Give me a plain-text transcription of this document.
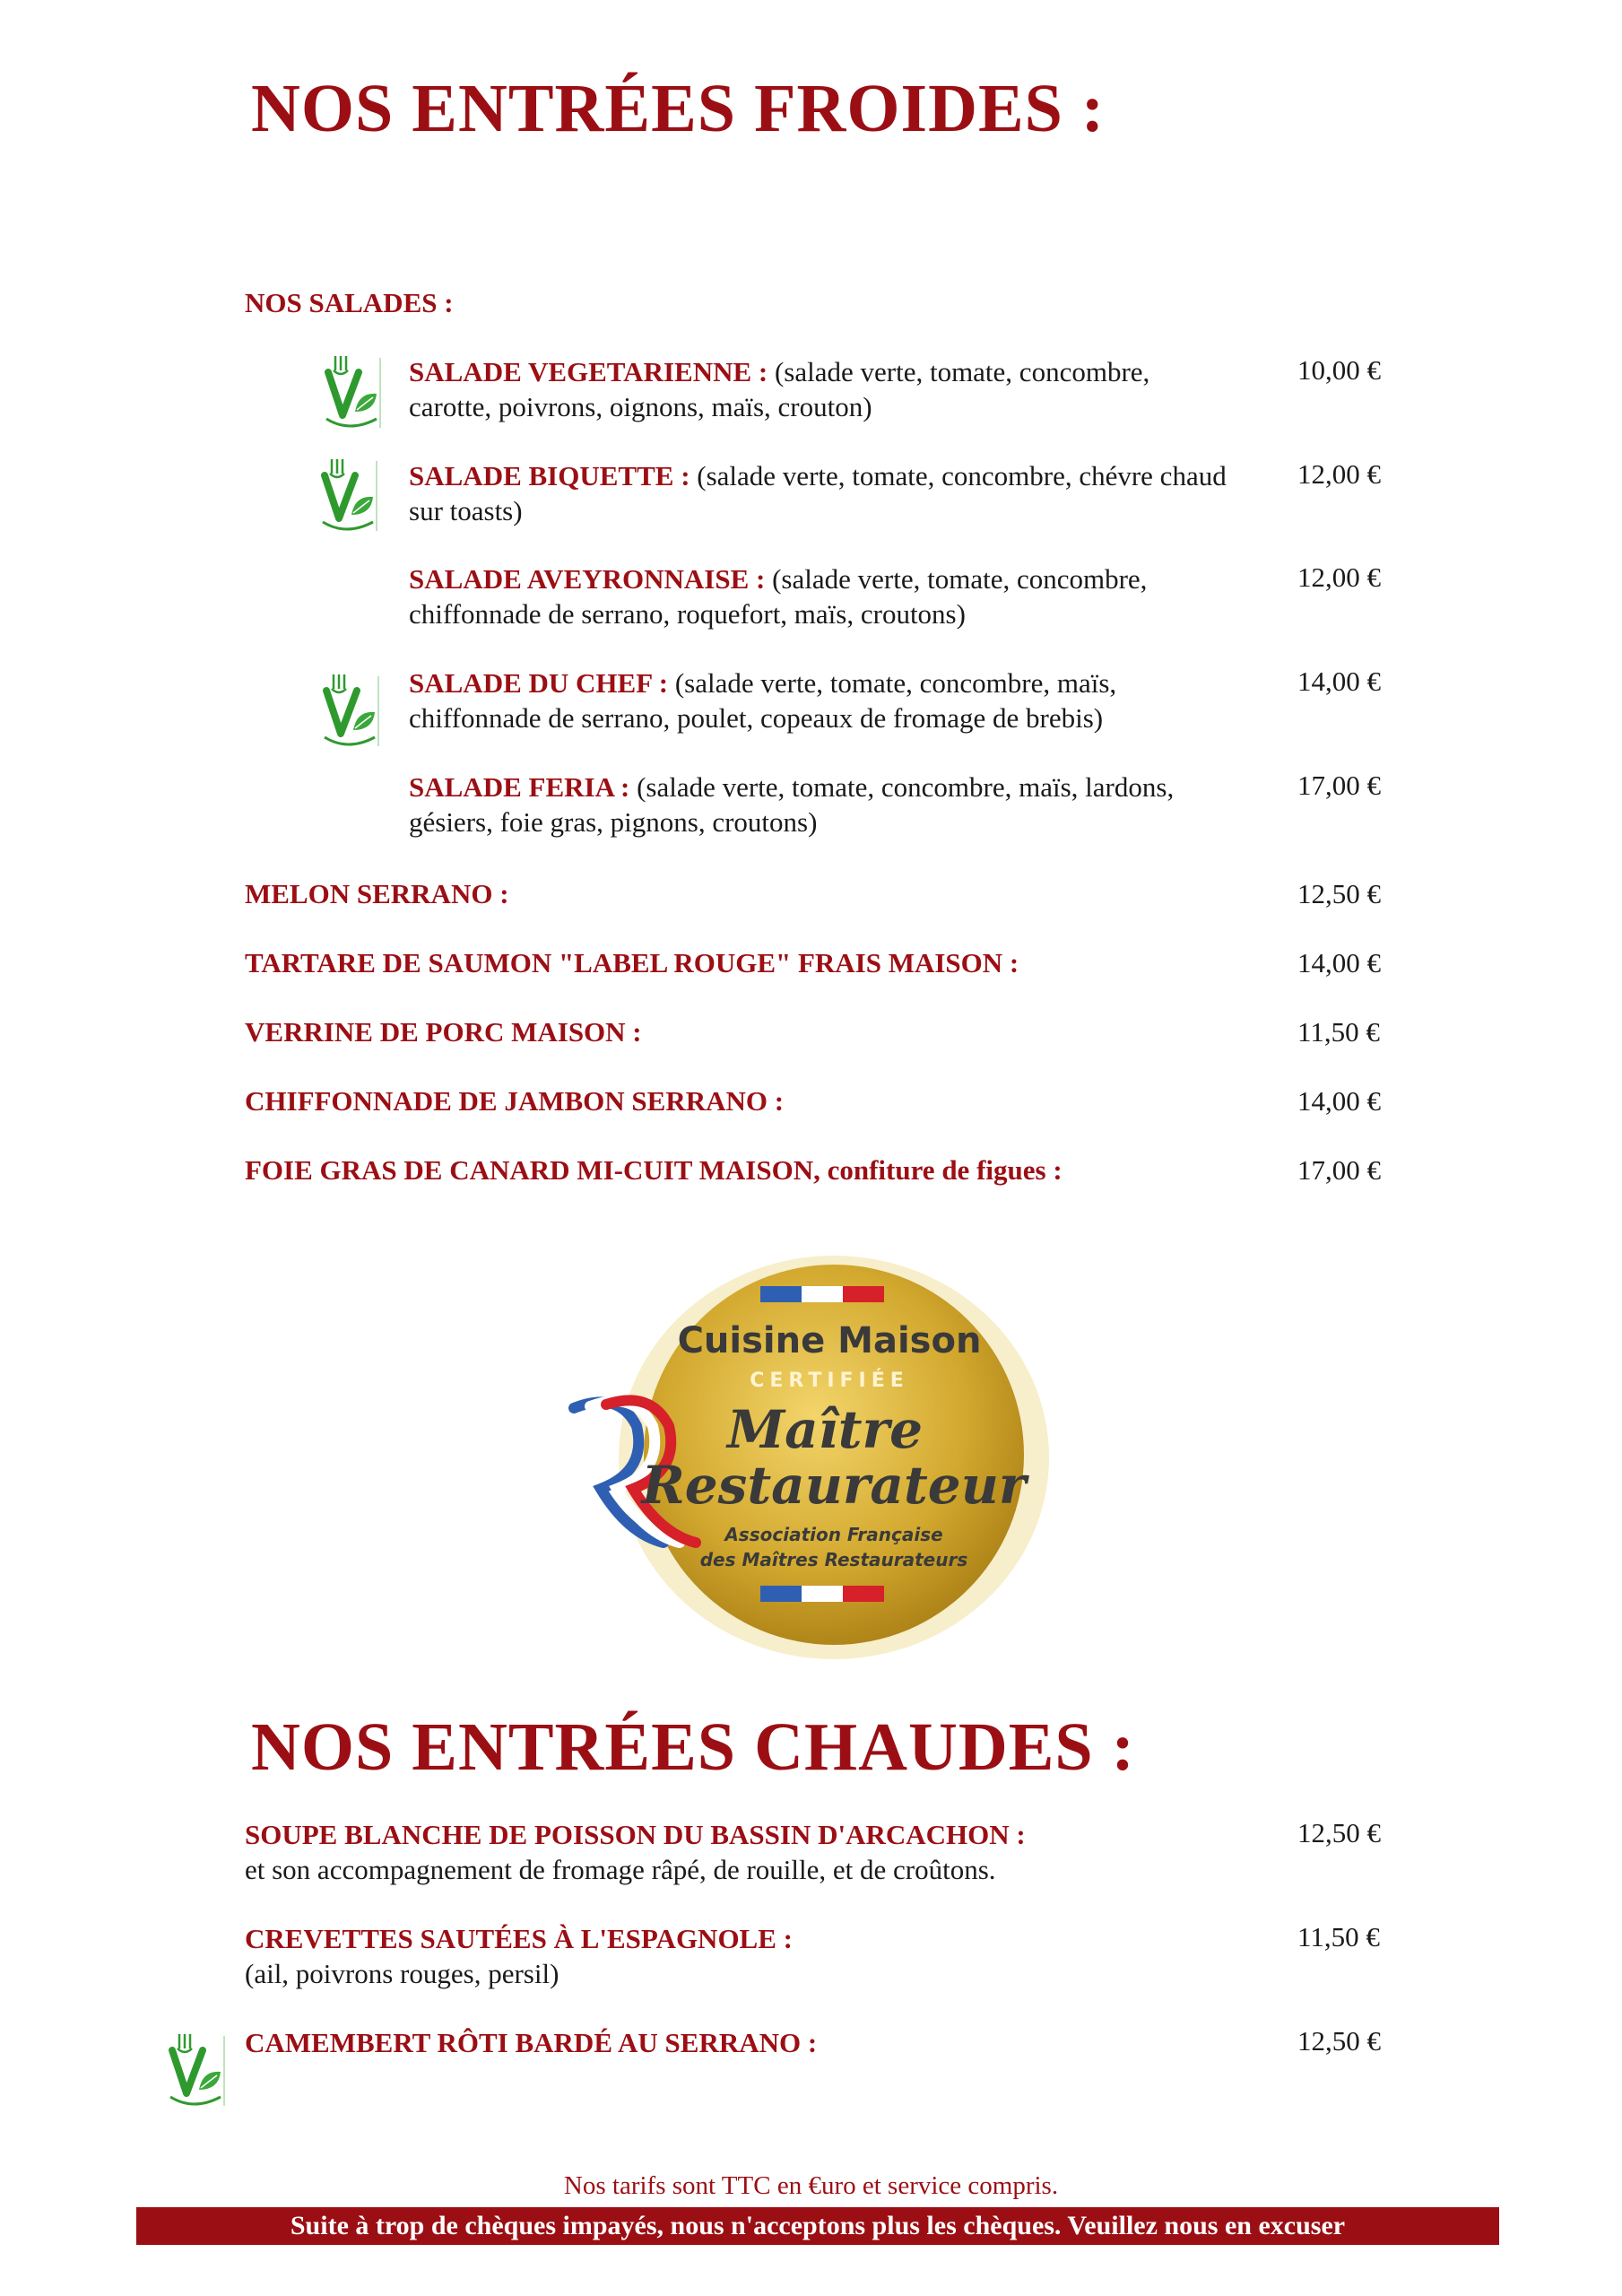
NOS ENTRÉES FROIDES :
NOS SALADES :
SALADE VEGETARIENNE : (salade verte, tomate, concombre, carotte, poivrons, oignons, maïs, crouton)
10,00 €
SALADE BIQUETTE : (salade verte, tomate, concombre, chévre chaud sur toasts)
12,00 €
SALADE AVEYRONNAISE : (salade verte, tomate, concombre, chiffonnade de serrano, roquefort, maïs, croutons)
12,00 €
SALADE DU CHEF : (salade verte, tomate, concombre, maïs, chiffonnade de serrano, poulet, copeaux de fromage de brebis)
14,00 €
SALADE FERIA : (salade verte, tomate, concombre, maïs, lardons, gésiers, foie gras, pignons, croutons)
17,00 €
MELON SERRANO :	12,50 €
TARTARE DE SAUMON "LABEL ROUGE" FRAIS MAISON :	14,00 €
VERRINE DE PORC MAISON :	11,50 €
CHIFFONNADE DE JAMBON SERRANO :	14,00 €
FOIE GRAS DE CANARD MI-CUIT MAISON, confiture de figues :	17,00 €
Cuisine Maison
CERTIFIÉE
Maître
Restaurateur
Association Française
des Maîtres Restaurateurs
NOS ENTRÉES CHAUDES :
SOUPE BLANCHE DE POISSON DU BASSIN D'ARCACHON :
et son accompagnement de fromage râpé, de rouille, et de croûtons.
12,50 €
CREVETTES SAUTÉES À L'ESPAGNOLE :
(ail, poivrons rouges, persil)
11,50 €
CAMEMBERT RÔTI BARDÉ AU SERRANO :	12,50 €
Nos tarifs sont TTC en €uro et service compris.
Suite à trop de chèques impayés, nous n'acceptons plus les chèques. Veuillez nous en excuser
